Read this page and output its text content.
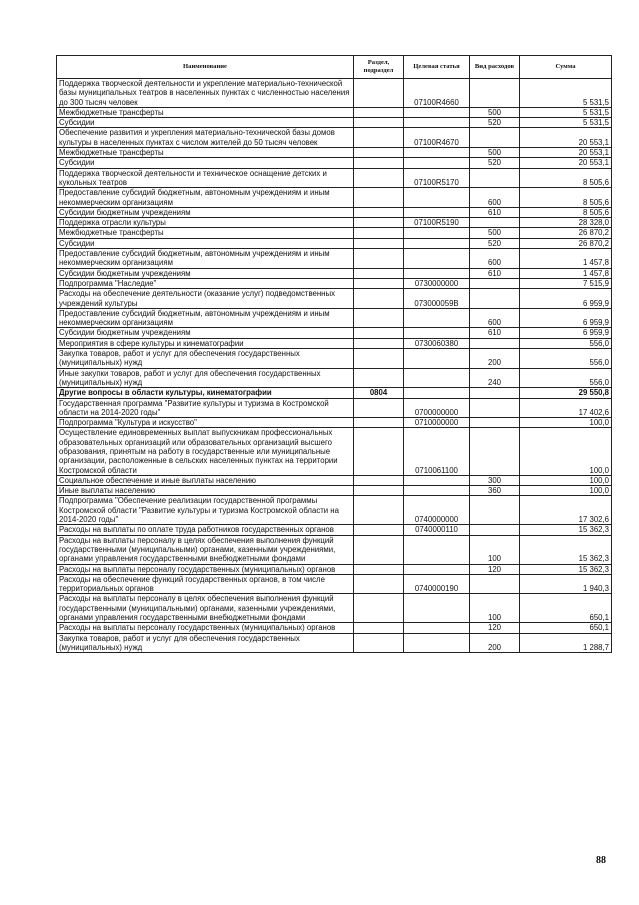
Наименование	Раздел, подраздел	Целевая статья	Вид расходов	Сумма
Поддержка творческой деятельности и укрепление материально-технической базы муниципальных театров в населенных пунктах с численностью населения до 300 тысяч человек		07100R4660		5 531,5
Межбюджетные трансферты			500	5 531,5
Субсидии			520	5 531,5
Обеспечение развития и укрепления материально-технической базы домов культуры в населенных пунктах с числом жителей до 50 тысяч человек		07100R4670		20 553,1
Межбюджетные трансферты			500	20 553,1
Субсидии			520	20 553,1
Поддержка творческой деятельности и техническое оснащение детских и кукольных театров		07100R5170		8 505,6
Предоставление субсидий бюджетным, автономным учреждениям и иным некоммерческим организациям			600	8 505,6
Субсидии бюджетным учреждениям			610	8 505,6
Поддержка отрасли культуры		07100R5190		28 328,0
Межбюджетные трансферты			500	26 870,2
Субсидии			520	26 870,2
Предоставление субсидий бюджетным, автономным учреждениям и иным некоммерческим организациям			600	1 457,8
Субсидии бюджетным учреждениям			610	1 457,8
Подпрограмма "Наследие"		0730000000		7 515,9
Расходы на обеспечение деятельности (оказание услуг) подведомственных учреждений культуры		073000059В		6 959,9
Предоставление субсидий бюджетным, автономным учреждениям и иным некоммерческим организациям			600	6 959,9
Субсидии бюджетным учреждениям			610	6 959,9
Мероприятия в сфере культуры и кинематографии		0730060380		556,0
Закупка товаров, работ и услуг для обеспечения государственных (муниципальных) нужд			200	556,0
Иные закупки товаров, работ и услуг для обеспечения государственных (муниципальных) нужд			240	556,0
Другие вопросы в области культуры, кинематографии	0804			29 550,8
Государственная программа "Развитие культуры и туризма в Костромской области на 2014-2020 годы"		0700000000		17 402,6
Подпрограмма "Культура и искусство"		0710000000		100,0
Осуществление единовременных выплат выпускникам профессиональных образовательных организаций или образовательных организаций высшего образования, принятым на работу в государственные или муниципальные организации, расположенные в сельских населенных пунктах на территории Костромской области		0710061100		100,0
Социальное обеспечение и иные выплаты населению			300	100,0
Иные выплаты населению			360	100,0
Подпрограмма "Обеспечение реализации государственной программы Костромской области "Развитие культуры и туризма Костромской области на 2014-2020 годы"		0740000000		17 302,6
Расходы на выплаты по оплате труда работников государственных органов		0740000110		15 362,3
Расходы на выплаты персоналу в целях обеспечения выполнения функций государственными (муниципальными) органами, казенными учреждениями, органами управления государственными внебюджетными фондами			100	15 362,3
Расходы на выплаты персоналу государственных (муниципальных) органов			120	15 362,3
Расходы на обеспечение функций государственных органов, в том числе территориальных органов		0740000190		1 940,3
Расходы на выплаты персоналу в целях обеспечения выполнения функций государственными (муниципальными) органами, казенными учреждениями, органами управления государственными внебюджетными фондами			100	650,1
Расходы на выплаты персоналу государственных (муниципальных) органов			120	650,1
Закупка товаров, работ и услуг для обеспечения государственных (муниципальных) нужд			200	1 288,7
88
